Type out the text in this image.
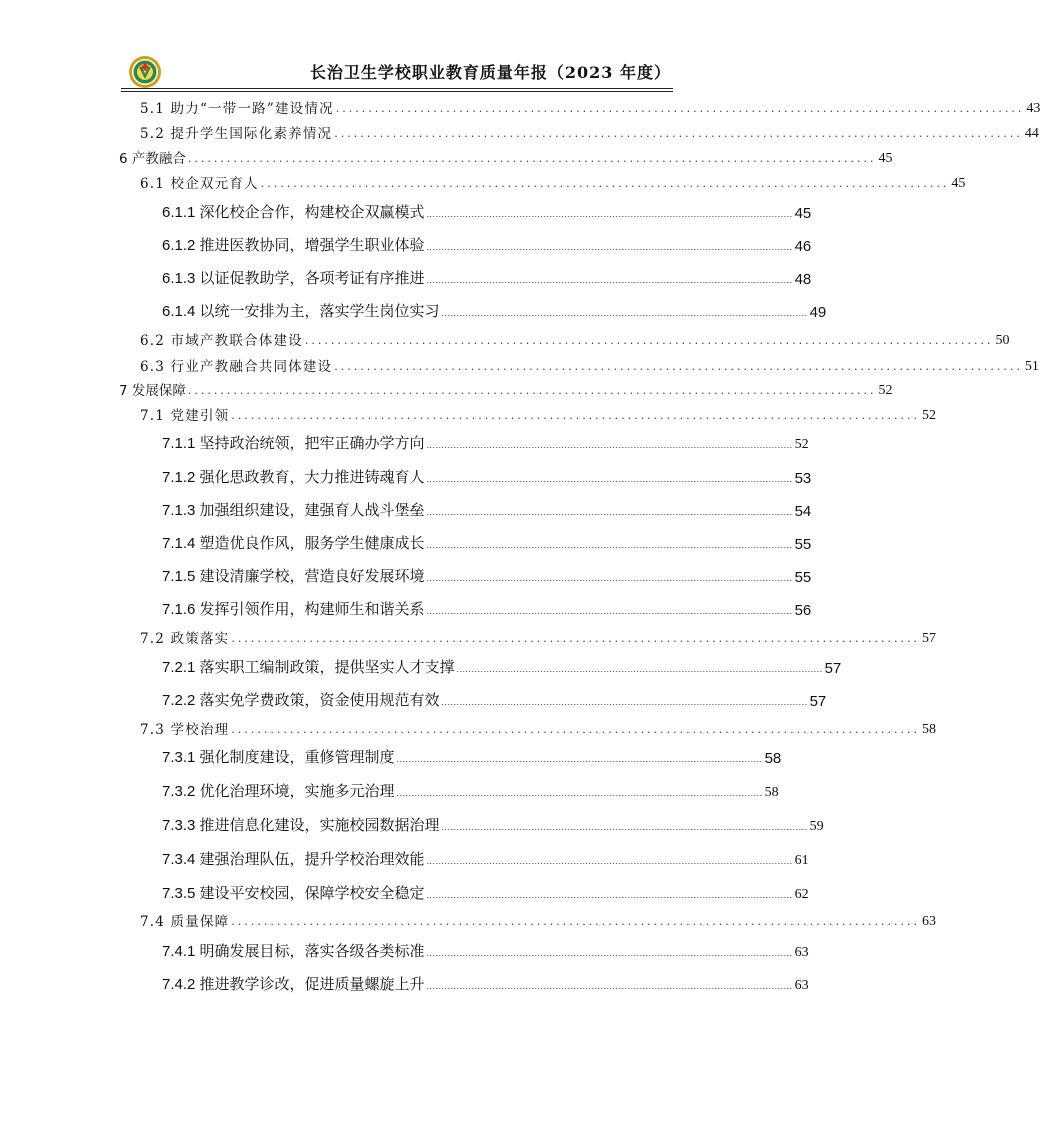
长治卫生学校职业教育质量年报（2023 年度）
5.1 助力“一带一路”建设情况 .......................................................................................................... 43
5.2 提升学生国际化素养情况 .......................................................................................................... 44
6 产教融合 .......................................................................................................... 45
6.1 校企双元育人 .......................................................................................................... 45
6.1.1 深化校企合作，构建校企双赢模式 .......................................................................................................................... 45
6.1.2 推进医教协同，增强学生职业体验 .......................................................................................................................... 46
6.1.3 以证促教助学，各项考证有序推进 .......................................................................................................................... 48
6.1.4 以统一安排为主，落实学生岗位实习 .......................................................................................................................... 49
6.2 市域产教联合体建设 .......................................................................................................... 50
6.3 行业产教融合共同体建设 .......................................................................................................... 51
7 发展保障 .......................................................................................................... 52
7.1 党建引领 .......................................................................................................... 52
7.1.1 坚持政治统领，把牢正确办学方向 .......................................................................................................................... 52
7.1.2 强化思政教育，大力推进铸魂育人 .......................................................................................................................... 53
7.1.3 加强组织建设，建强育人战斗堡垒 .......................................................................................................................... 54
7.1.4 塑造优良作风，服务学生健康成长 .......................................................................................................................... 55
7.1.5 建设清廉学校，营造良好发展环境 .......................................................................................................................... 55
7.1.6 发挥引领作用，构建师生和谐关系 .......................................................................................................................... 56
7.2 政策落实 .......................................................................................................... 57
7.2.1 落实职工编制政策，提供坚实人才支撑 .......................................................................................................................... 57
7.2.2 落实免学费政策，资金使用规范有效 .......................................................................................................................... 57
7.3 学校治理 .......................................................................................................... 58
7.3.1 强化制度建设，重修管理制度 .......................................................................................................................... 58
7.3.2 优化治理环境，实施多元治理 .......................................................................................................................... 58
7.3.3 推进信息化建设，实施校园数据治理 .......................................................................................................................... 59
7.3.4 建强治理队伍，提升学校治理效能 .......................................................................................................................... 61
7.3.5 建设平安校园，保障学校安全稳定 .......................................................................................................................... 62
7.4 质量保障 .......................................................................................................... 63
7.4.1 明确发展目标，落实各级各类标准 .......................................................................................................................... 63
7.4.2 推进教学诊改，促进质量螺旋上升 .......................................................................................................................... 63
